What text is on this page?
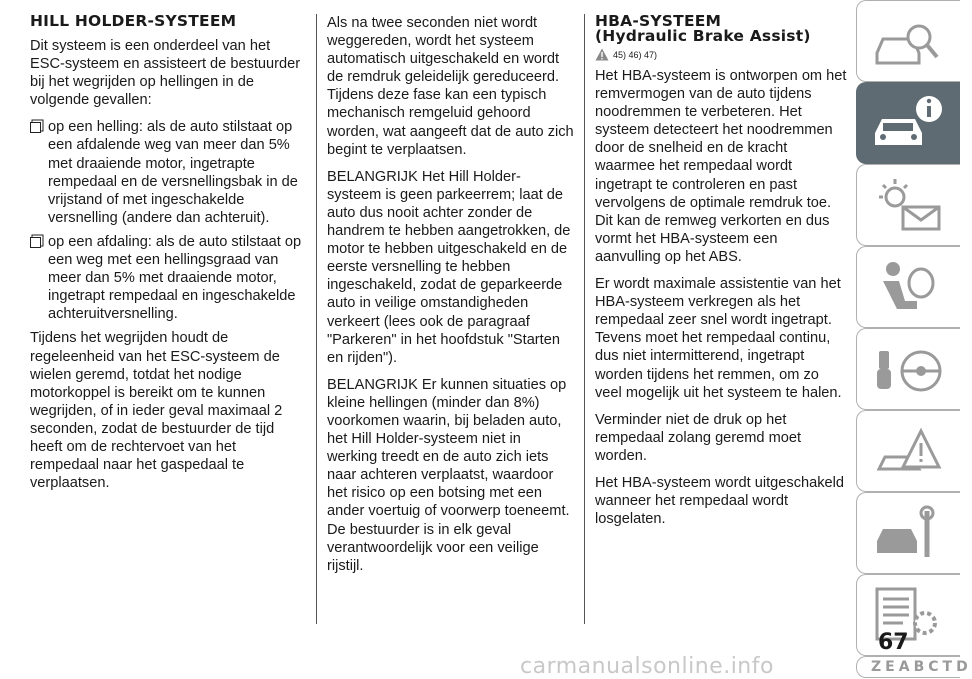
HILL HOLDER-SYSTEEM

Dit systeem is een onderdeel van het ESC-systeem en assisteert de bestuurder bij het wegrijden op hellingen in de volgende gevallen:

op een helling: als de auto stilstaat op een afdalende weg van meer dan 5% met draaiende motor, ingetrapte rempedaal en de versnellingsbak in de vrijstand of met ingeschakelde versnelling (andere dan achteruit).
op een afdaling: als de auto stilstaat op een weg met een hellingsgraad van meer dan 5% met draaiende motor, ingetrapt rempedaal en ingeschakelde achteruitversnelling.

Tijdens het wegrijden houdt de regeleenheid van het ESC-systeem de wielen geremd, totdat het nodige motorkoppel is bereikt om te kunnen wegrijden, of in ieder geval maximaal 2 seconden, zodat de bestuurder de tijd heeft om de rechtervoet van het rempedaal naar het gaspedaal te verplaatsen.

Als na twee seconden niet wordt weggereden, wordt het systeem automatisch uitgeschakeld en wordt de remdruk geleidelijk gereduceerd. Tijdens deze fase kan een typisch mechanisch remgeluid gehoord worden, wat aangeeft dat de auto zich begint te verplaatsen.

BELANGRIJK Het Hill Holder-systeem is geen parkeerrem; laat de auto dus nooit achter zonder de handrem te hebben aangetrokken, de motor te hebben uitgeschakeld en de eerste versnelling te hebben ingeschakeld, zodat de geparkeerde auto in veilige omstandigheden verkeert (lees ook de paragraaf "Parkeren" in het hoofdstuk "Starten en rijden").

BELANGRIJK Er kunnen situaties op kleine hellingen (minder dan 8%) voorkomen waarin, bij beladen auto, het Hill Holder-systeem niet in werking treedt en de auto zich iets naar achteren verplaatst, waardoor het risico op een botsing met een ander voertuig of voorwerp toeneemt. De bestuurder is in elk geval verantwoordelijk voor een veilige rijstijl.

HBA-SYSTEEM
(Hydraulic Brake Assist)
45) 46) 47)

Het HBA-systeem is ontworpen om het remvermogen van de auto tijdens noodremmen te verbeteren. Het systeem detecteert het noodremmen door de snelheid en de kracht waarmee het rempedaal wordt ingetrapt te controleren en past vervolgens de optimale remdruk toe. Dit kan de remweg verkorten en dus vormt het HBA-systeem een aanvulling op het ABS.

Er wordt maximale assistentie van het HBA-systeem verkregen als het rempedaal zeer snel wordt ingetrapt. Tevens moet het rempedaal continu, dus niet intermitterend, ingetrapt worden tijdens het remmen, om zo veel mogelijk uit het systeem te halen.

Verminder niet de druk op het rempedaal zolang geremd moet worden.

Het HBA-systeem wordt uitgeschakeld wanneer het rempedaal wordt losgelaten.

ZEABCTD
67
carmanualsonline.info
